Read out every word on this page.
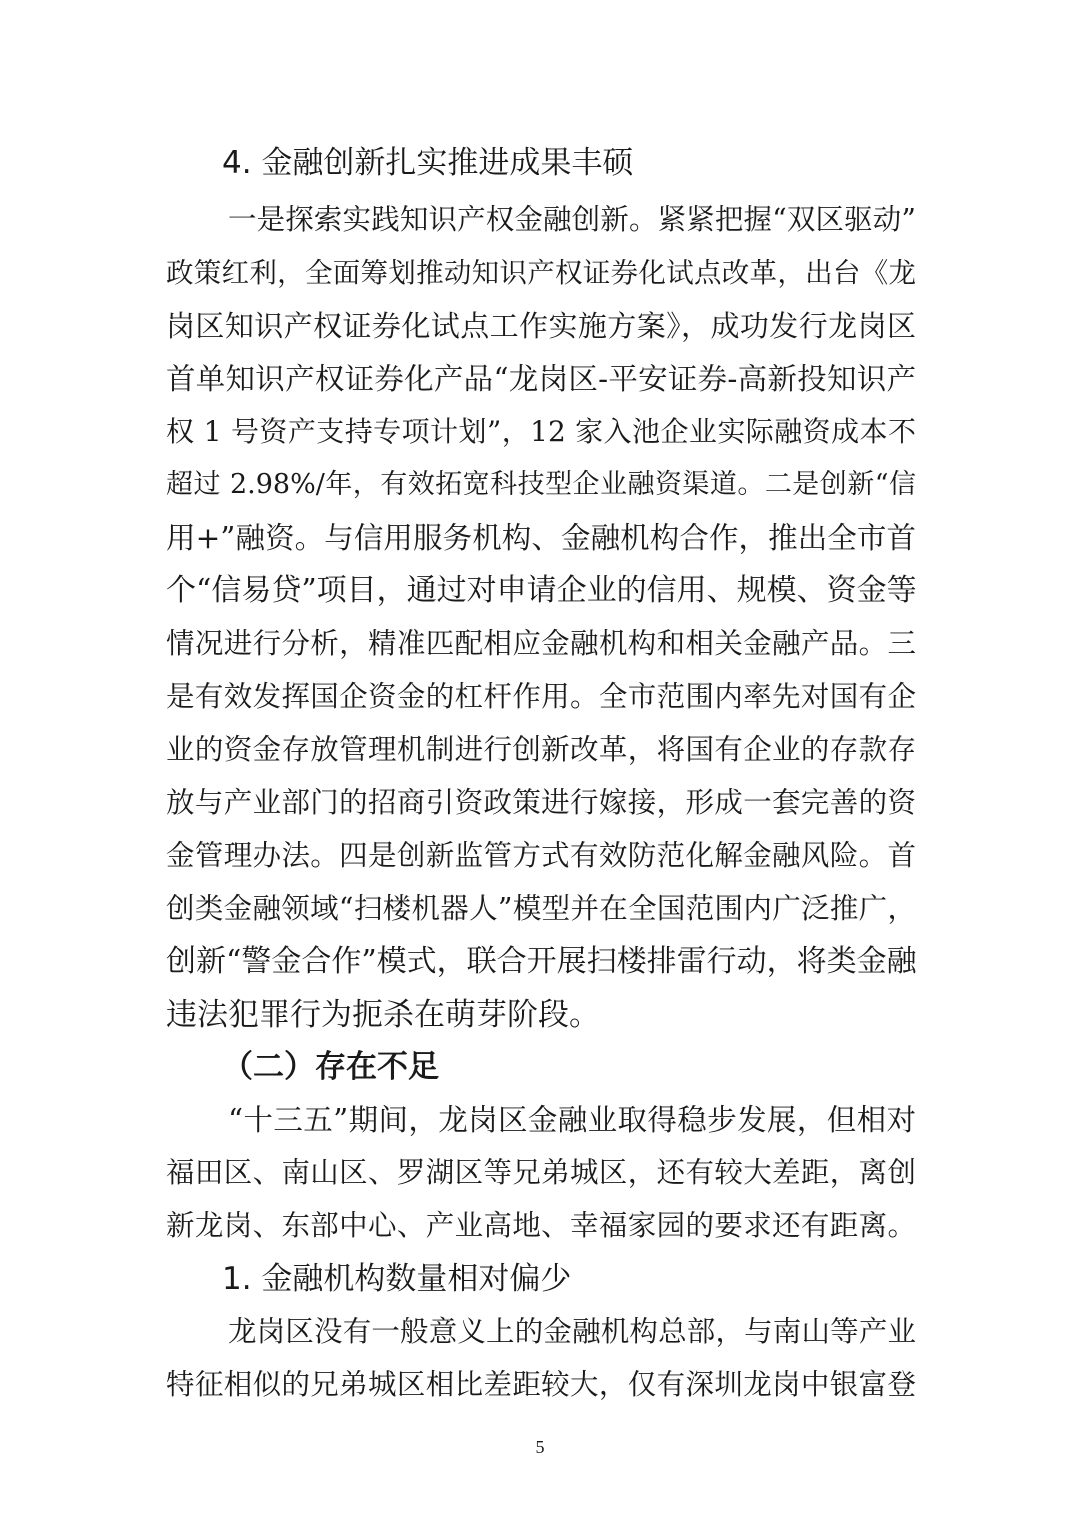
4. 金融创新扎实推进成果丰硕
一是探索实践知识产权金融创新。紧紧把握“双区驱动”
政策红利，全面筹划推动知识产权证券化试点改革，出台《龙
岗区知识产权证券化试点工作实施方案》，成功发行龙岗区
首单知识产权证券化产品“龙岗区-平安证券-高新投知识产
权 1 号资产支持专项计划”，12 家入池企业实际融资成本不
超过 2.98%/年，有效拓宽科技型企业融资渠道。二是创新“信
用+”融资。与信用服务机构、金融机构合作，推出全市首
个“信易贷”项目，通过对申请企业的信用、规模、资金等
情况进行分析，精准匹配相应金融机构和相关金融产品。三
是有效发挥国企资金的杠杆作用。全市范围内率先对国有企
业的资金存放管理机制进行创新改革，将国有企业的存款存
放与产业部门的招商引资政策进行嫁接，形成一套完善的资
金管理办法。四是创新监管方式有效防范化解金融风险。首
创类金融领域“扫楼机器人”模型并在全国范围内广泛推广，
创新“警金合作”模式，联合开展扫楼排雷行动，将类金融
违法犯罪行为扼杀在萌芽阶段。
（二）存在不足
“十三五”期间，龙岗区金融业取得稳步发展，但相对
福田区、南山区、罗湖区等兄弟城区，还有较大差距，离创
新龙岗、东部中心、产业高地、幸福家园的要求还有距离。
1. 金融机构数量相对偏少
龙岗区没有一般意义上的金融机构总部，与南山等产业
特征相似的兄弟城区相比差距较大，仅有深圳龙岗中银富登
5
